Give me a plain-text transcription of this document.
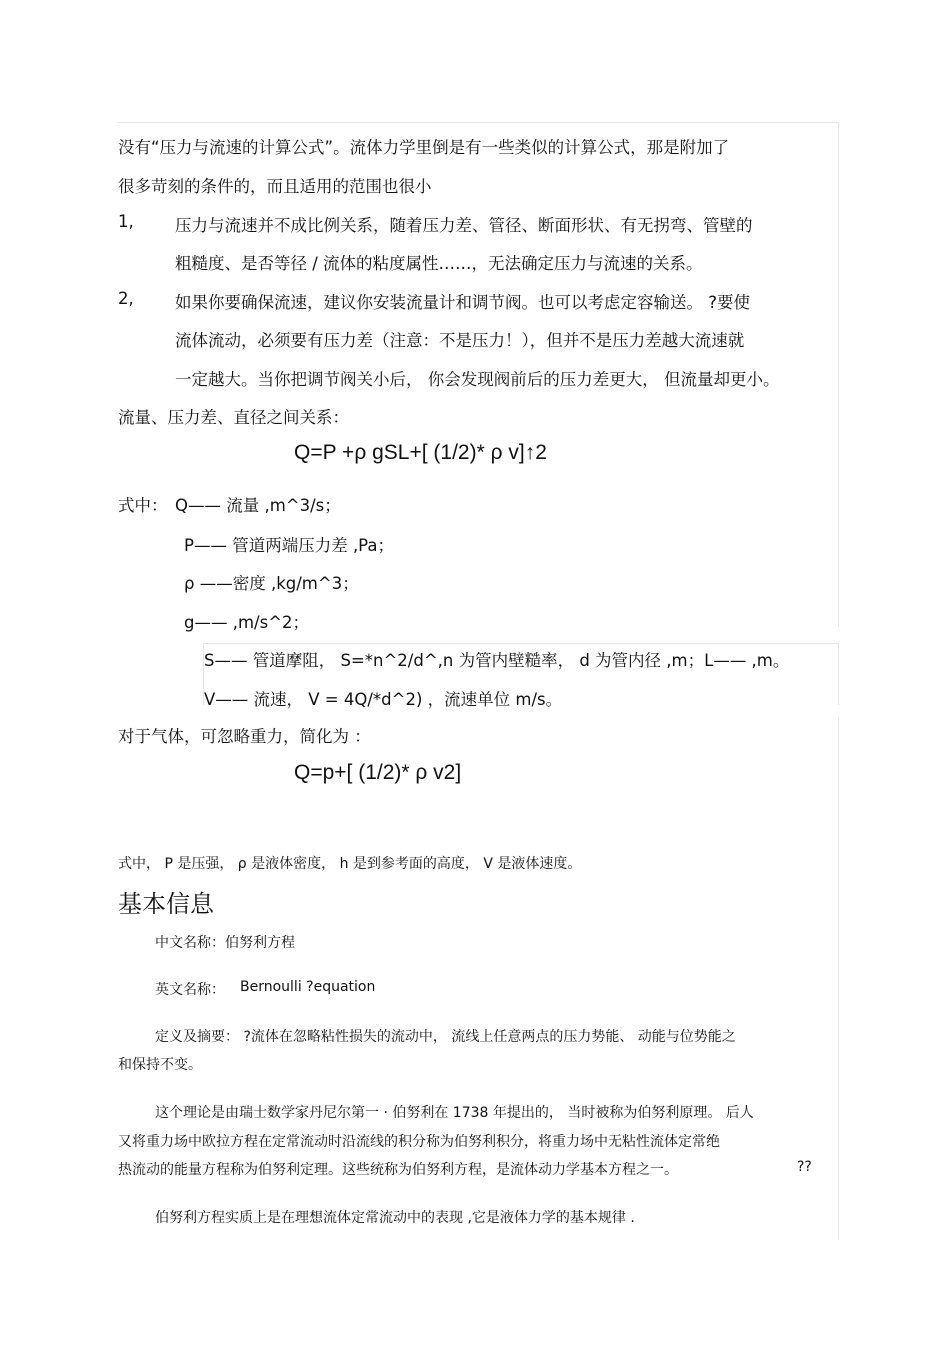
没有“压力与流速的计算公式”。流体力学里倒是有一些类似的计算公式，那是附加了
很多苛刻的条件的，而且适用的范围也很小
1,	压力与流速并不成比例关系，随着压力差、管径、断面形状、有无拐弯、管壁的
粗糙度、是否等径 / 流体的粘度属性……，无法确定压力与流速的关系。
2,	如果你要确保流速，建议你安装流量计和调节阀。也可以考虑定容输送。 ?要使
流体流动，必须要有压力差（注意：不是压力！），但并不是压力差越大流速就
一定越大。当你把调节阀关小后， 你会发现阀前后的压力差更大， 但流量却更小。
流量、压力差、直径之间关系：
Q=P +ρ gSL+[ (1/2)* ρ v]↑2
式中： Q—— 流量 ,m^3/s；
P—— 管道两端压力差 ,Pa；
ρ ——密度 ,kg/m^3；
g—— ,m/s^2；
S—— 管道摩阻， S=*n^2/d^,n 为管内壁糙率， d 为管内径 ,m；L—— ,m。
V—— 流速， V = 4Q/*d^2) ，流速单位 m/s。
对于气体，可忽略重力，简化为 ：
Q=p+[ (1/2)* ρ v2]
式中， P 是压强， ρ 是液体密度， h 是到参考面的高度， V 是液体速度。
基本信息
中文名称：伯努利方程
英文名称： Bernoulli ?equation
定义及摘要： ?流体在忽略粘性损失的流动中， 流线上任意两点的压力势能、 动能与位势能之
和保持不变。
这个理论是由瑞士数学家丹尼尔第一 · 伯努利在 1738 年提出的， 当时被称为伯努利原理。 后人
又将重力场中欧拉方程在定常流动时沿流线的积分称为伯努利积分，将重力场中无粘性流体定常绝
热流动的能量方程称为伯努利定理。这些统称为伯努利方程，是流体动力学基本方程之一。	??
伯努利方程实质上是在理想流体定常流动中的表现 ,它是液体力学的基本规律 .
